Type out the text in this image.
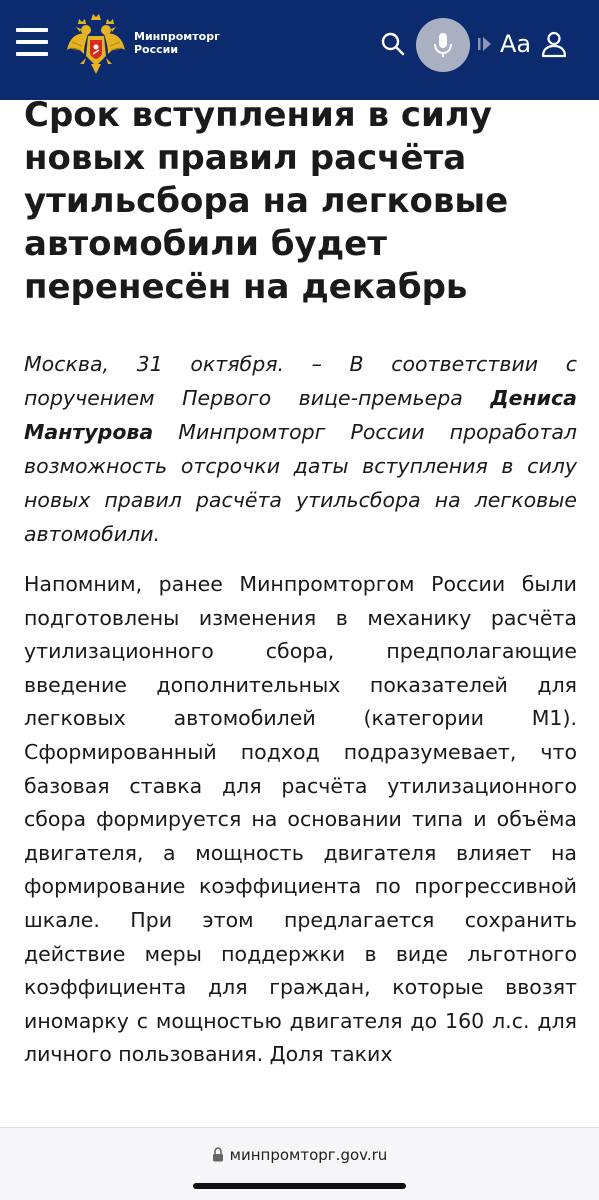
Минпромторг
России	Aa
Срок вступления в силу новых правил расчёта утильсбора на легковые автомобили будет перенесён на декабрь

Москва, 31 октября. – В соответствии с поручением Первого вице-премьера Дениса Мантурова Минпромторг России проработал возможность отсрочки даты вступления в силу новых правил расчёта утильсбора на легковые автомобили.

Напомним, ранее Минпромторгом России были подготовлены изменения в механику расчёта утилизационного сбора, предполагающие введение дополнительных показателей для легковых автомобилей (категории М1). Сформированный подход подразумевает, что базовая ставка для расчёта утилизационного сбора формируется на основании типа и объёма двигателя, а мощность двигателя влияет на формирование коэффициента по прогрессивной шкале. При этом предлагается сохранить действие меры поддержки в виде льготного коэффициента для граждан, которые ввозят иномарку с мощностью двигателя до 160 л.с. для личного пользования. Доля таких

минпромторг.gov.ru
